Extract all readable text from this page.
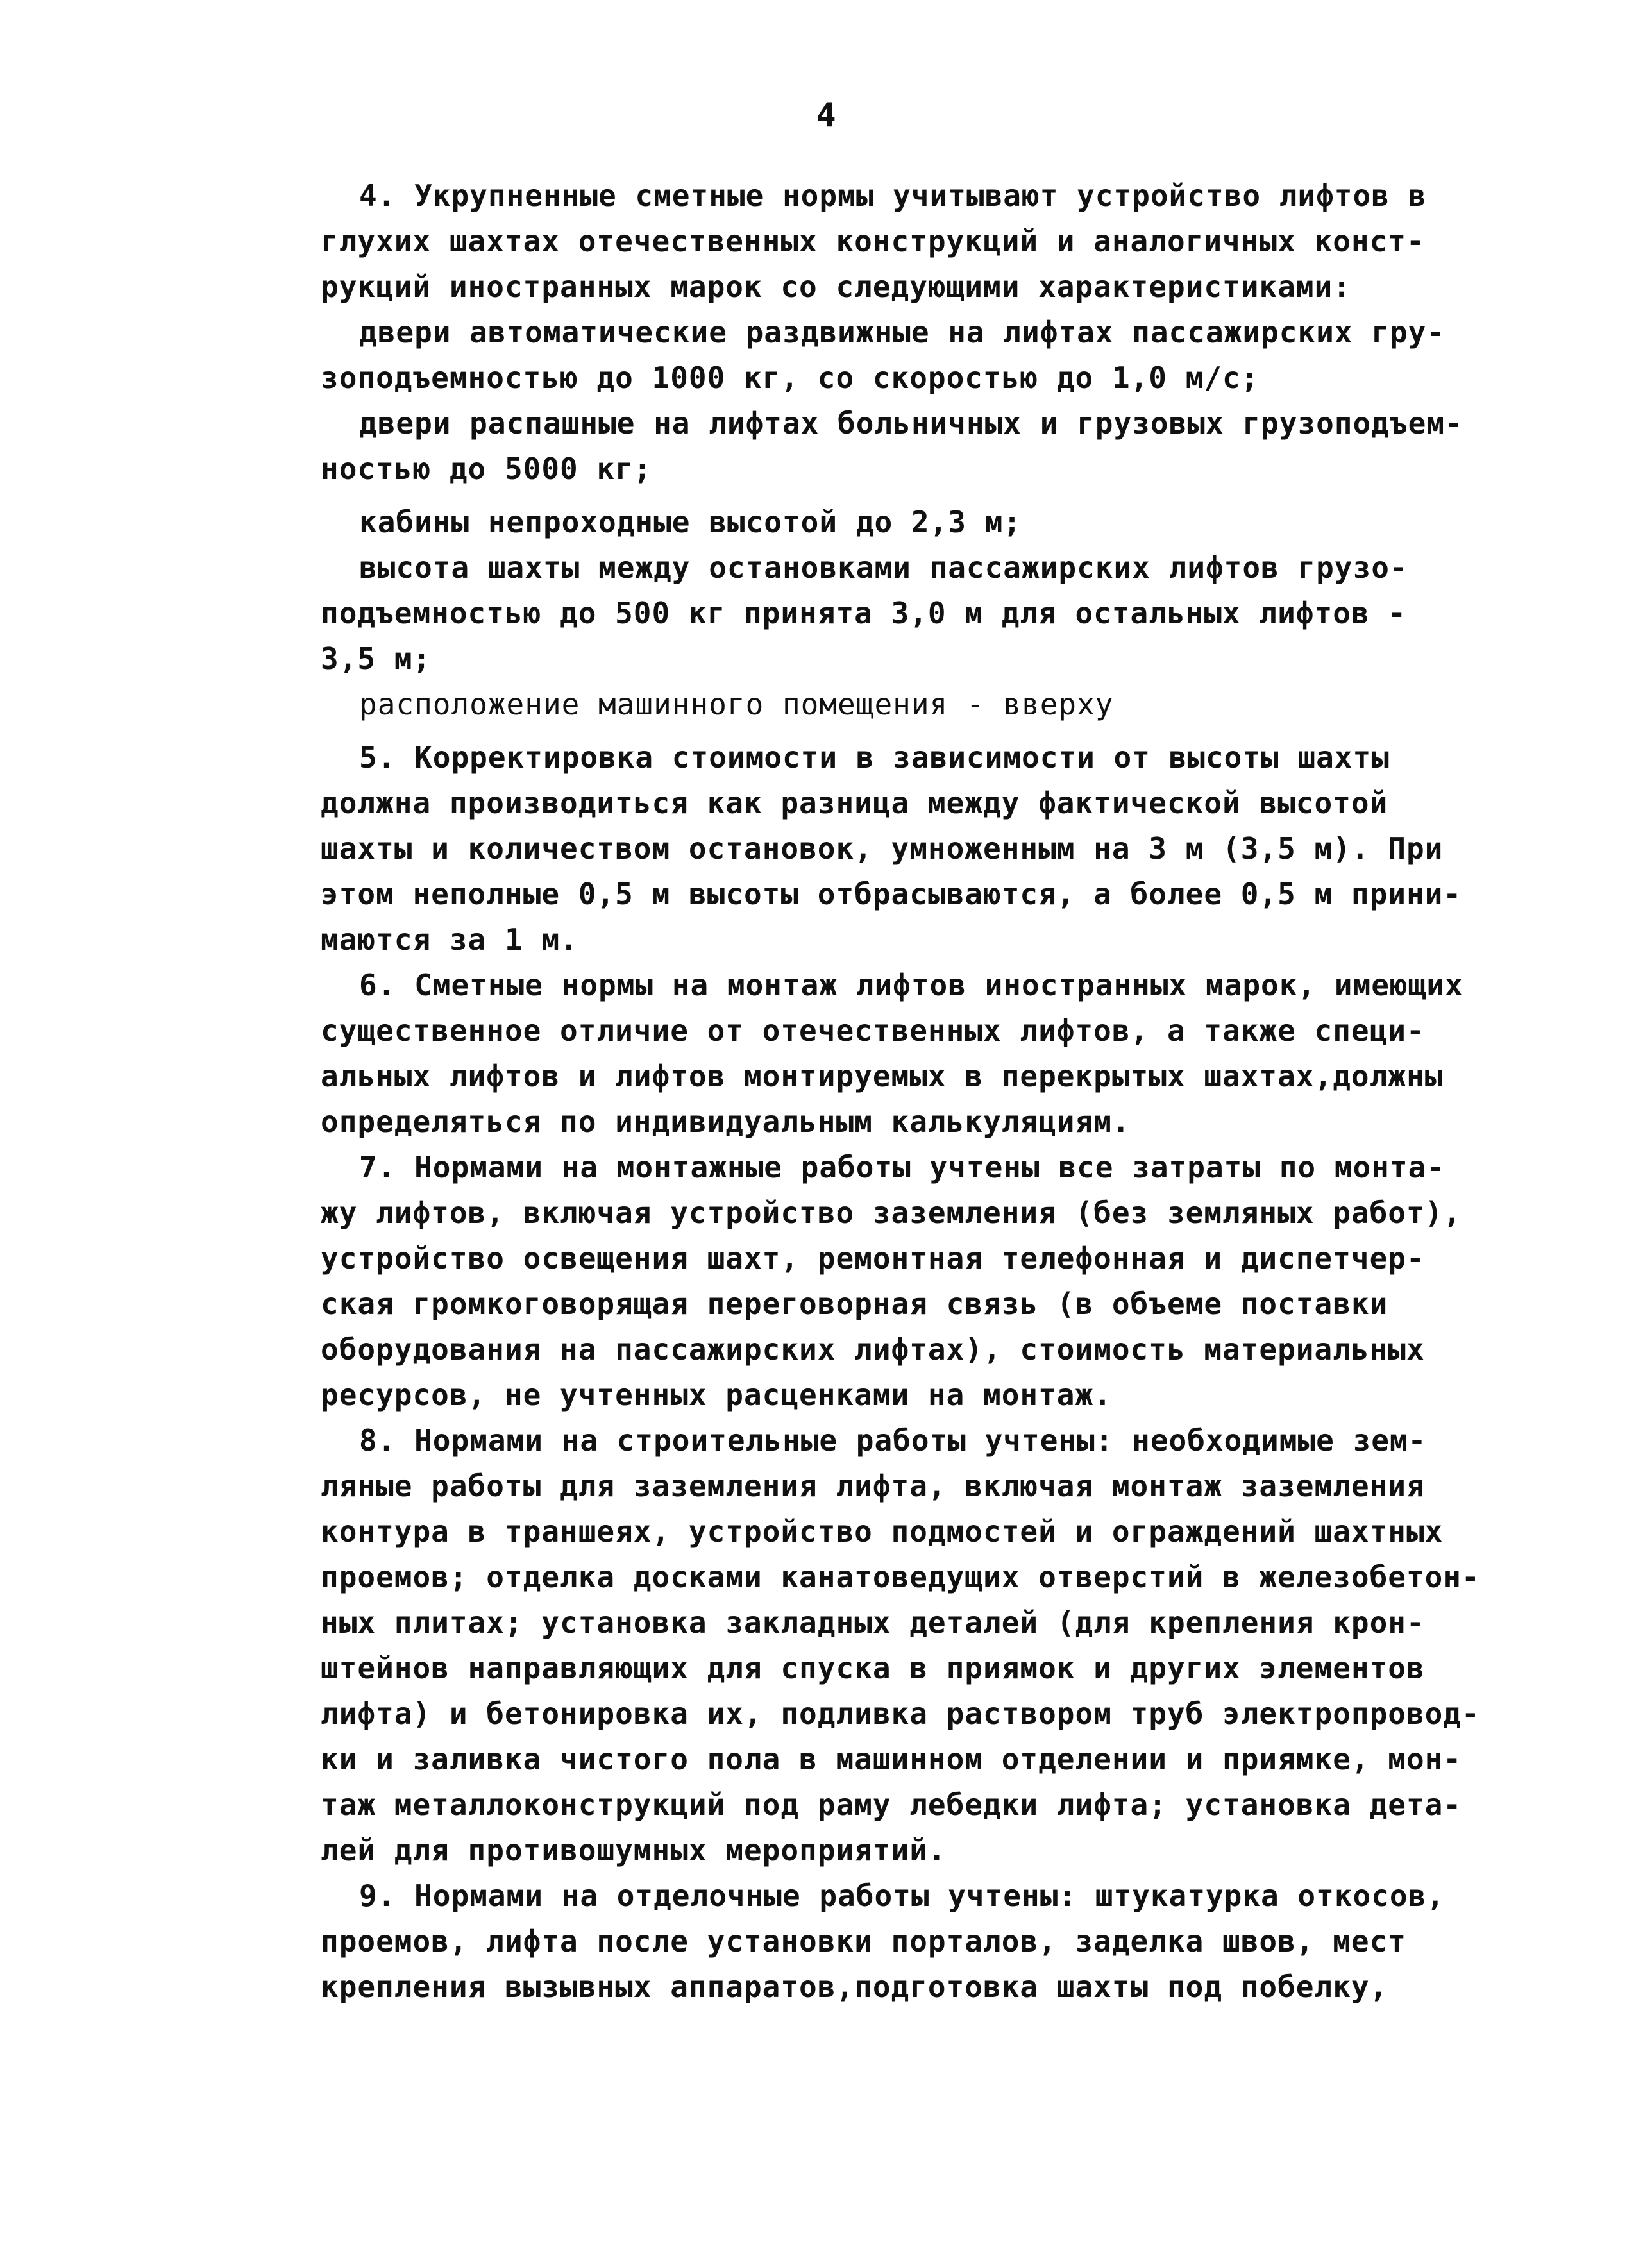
4
4. Укрупненные сметные нормы учитывают устройство лифтов в
глухих шахтах отечественных конструкций и аналогичных конст-
рукций иностранных марок со следующими характеристиками:
двери автоматические раздвижные на лифтах пассажирских гру-
зоподъемностью до 1000 кг, со скоростью до 1,0 м/с;
двери распашные на лифтах больничных и грузовых грузоподъем-
ностью до 5000 кг;
кабины непроходные высотой до 2,3 м;
высота шахты между остановками пассажирских лифтов грузо-
подъемностью до 500 кг принята 3,0 м для остальных лифтов -
3,5 м;
расположение машинного помещения - вверху
5. Корректировка стоимости в зависимости от высоты шахты
должна производиться как разница между фактической высотой
шахты и количеством остановок, умноженным на 3 м (3,5 м). При
этом неполные 0,5 м высоты отбрасываются, а более 0,5 м прини-
маются за 1 м.
6. Сметные нормы на монтаж лифтов иностранных марок, имеющих
существенное отличие от отечественных лифтов, а также специ-
альных лифтов и лифтов монтируемых в перекрытых шахтах,должны
определяться по индивидуальным калькуляциям.
7. Нормами на монтажные работы учтены все затраты по монта-
жу лифтов, включая устройство заземления (без земляных работ),
устройство освещения шахт, ремонтная телефонная и диспетчер-
ская громкоговорящая переговорная связь (в объеме поставки
оборудования на пассажирских лифтах), стоимость материальных
ресурсов, не учтенных расценками на монтаж.
8. Нормами на строительные работы учтены: необходимые зем-
ляные работы для заземления лифта, включая монтаж заземления
контура в траншеях, устройство подмостей и ограждений шахтных
проемов; отделка досками канатоведущих отверстий в железобетон-
ных плитах; установка закладных деталей (для крепления крон-
штейнов направляющих для спуска в приямок и других элементов
лифта) и бетонировка их, подливка раствором труб электропровод-
ки и заливка чистого пола в машинном отделении и приямке, мон-
таж металлоконструкций под раму лебедки лифта; установка дета-
лей для противошумных мероприятий.
9. Нормами на отделочные работы учтены: штукатурка откосов,
проемов, лифта после установки порталов, заделка швов, мест
крепления вызывных аппаратов,подготовка шахты под побелку,
